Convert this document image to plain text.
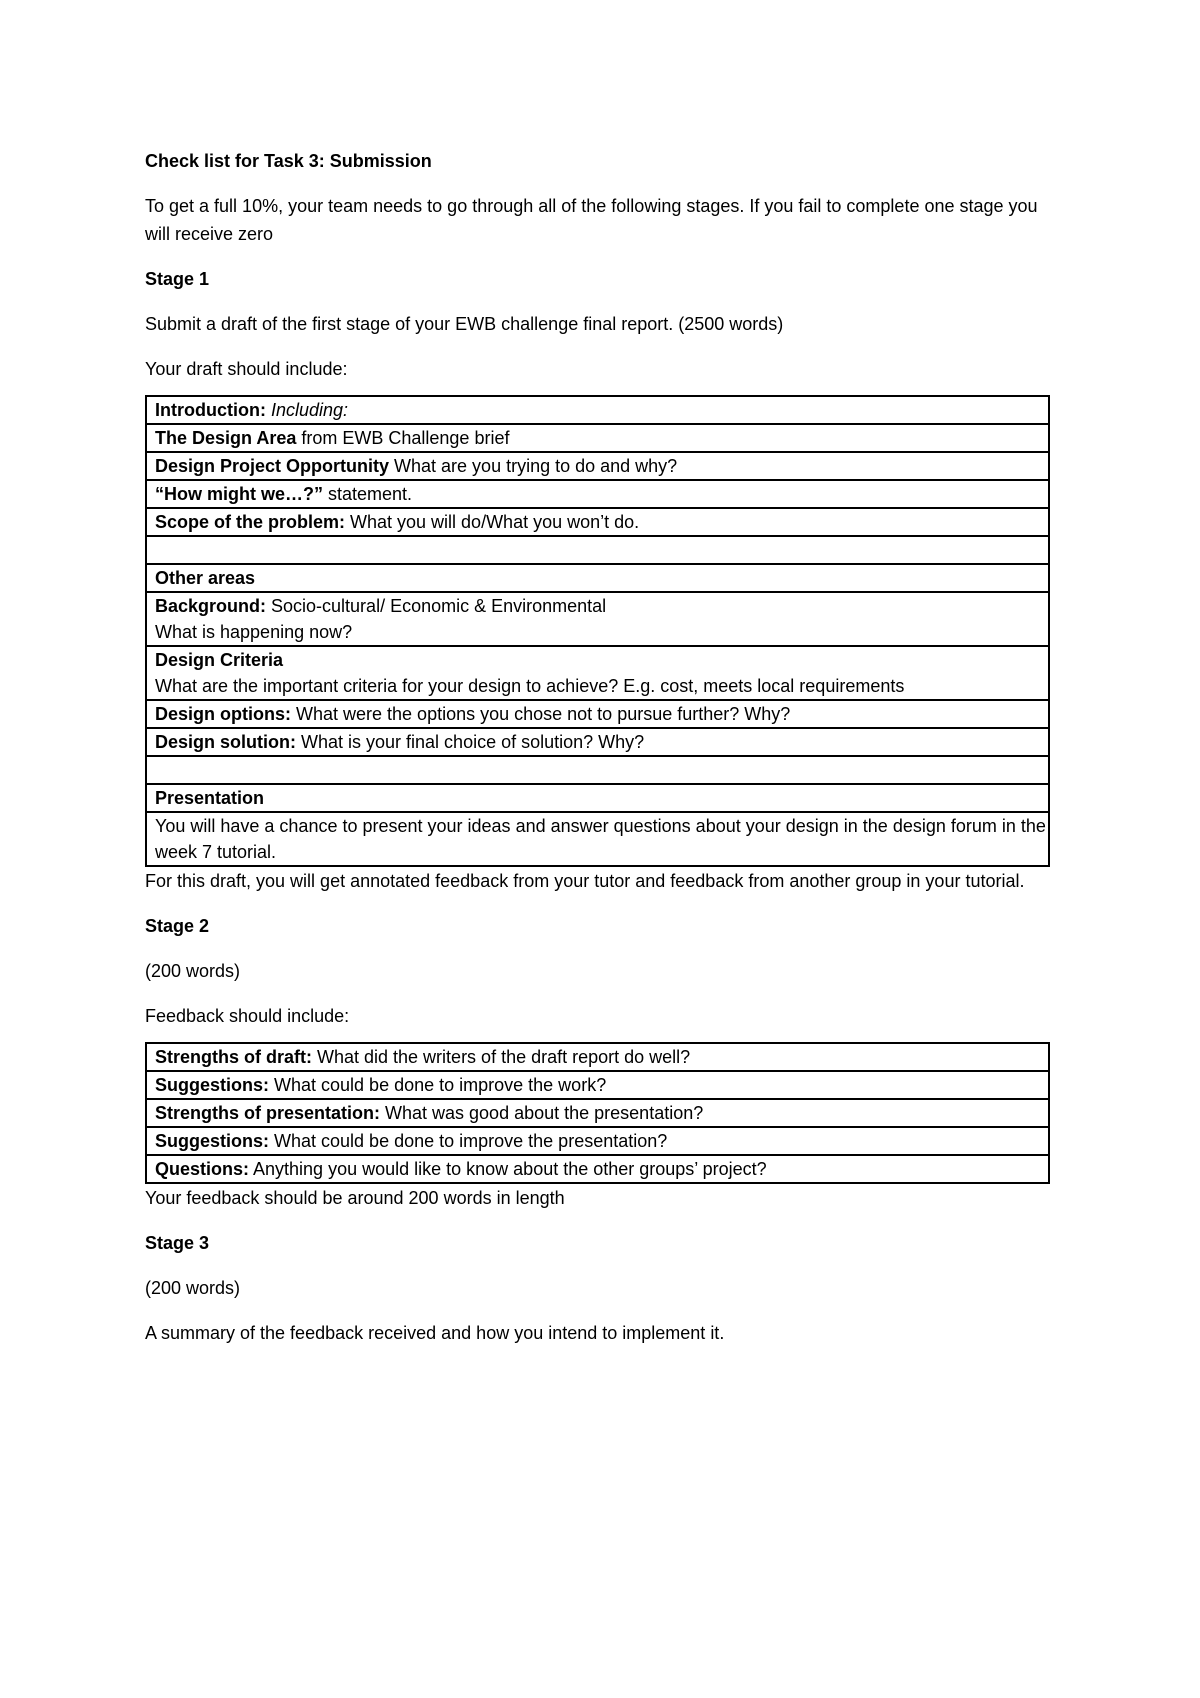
Check list for Task 3: Submission

To get a full 10%, your team needs to go through all of the following stages. If you fail to complete one stage you will receive zero

Stage 1

Submit a draft of the first stage of your EWB challenge final report. (2500 words)

Your draft should include:

Introduction: Including:
The Design Area from EWB Challenge brief
Design Project Opportunity What are you trying to do and why?
“How might we…?” statement.
Scope of the problem: What you will do/What you won’t do.

Other areas
Background: Socio-cultural/ Economic & Environmental
What is happening now?
Design Criteria
What are the important criteria for your design to achieve? E.g. cost, meets local requirements
Design options: What were the options you chose not to pursue further? Why?
Design solution: What is your final choice of solution? Why?

Presentation
You will have a chance to present your ideas and answer questions about your design in the design forum in the week 7 tutorial.

For this draft, you will get annotated feedback from your tutor and feedback from another group in your tutorial.

Stage 2

(200 words)

Feedback should include:

Strengths of draft: What did the writers of the draft report do well?
Suggestions: What could be done to improve the work?
Strengths of presentation: What was good about the presentation?
Suggestions: What could be done to improve the presentation?
Questions: Anything you would like to know about the other groups’ project?

Your feedback should be around 200 words in length

Stage 3

(200 words)

A summary of the feedback received and how you intend to implement it.
